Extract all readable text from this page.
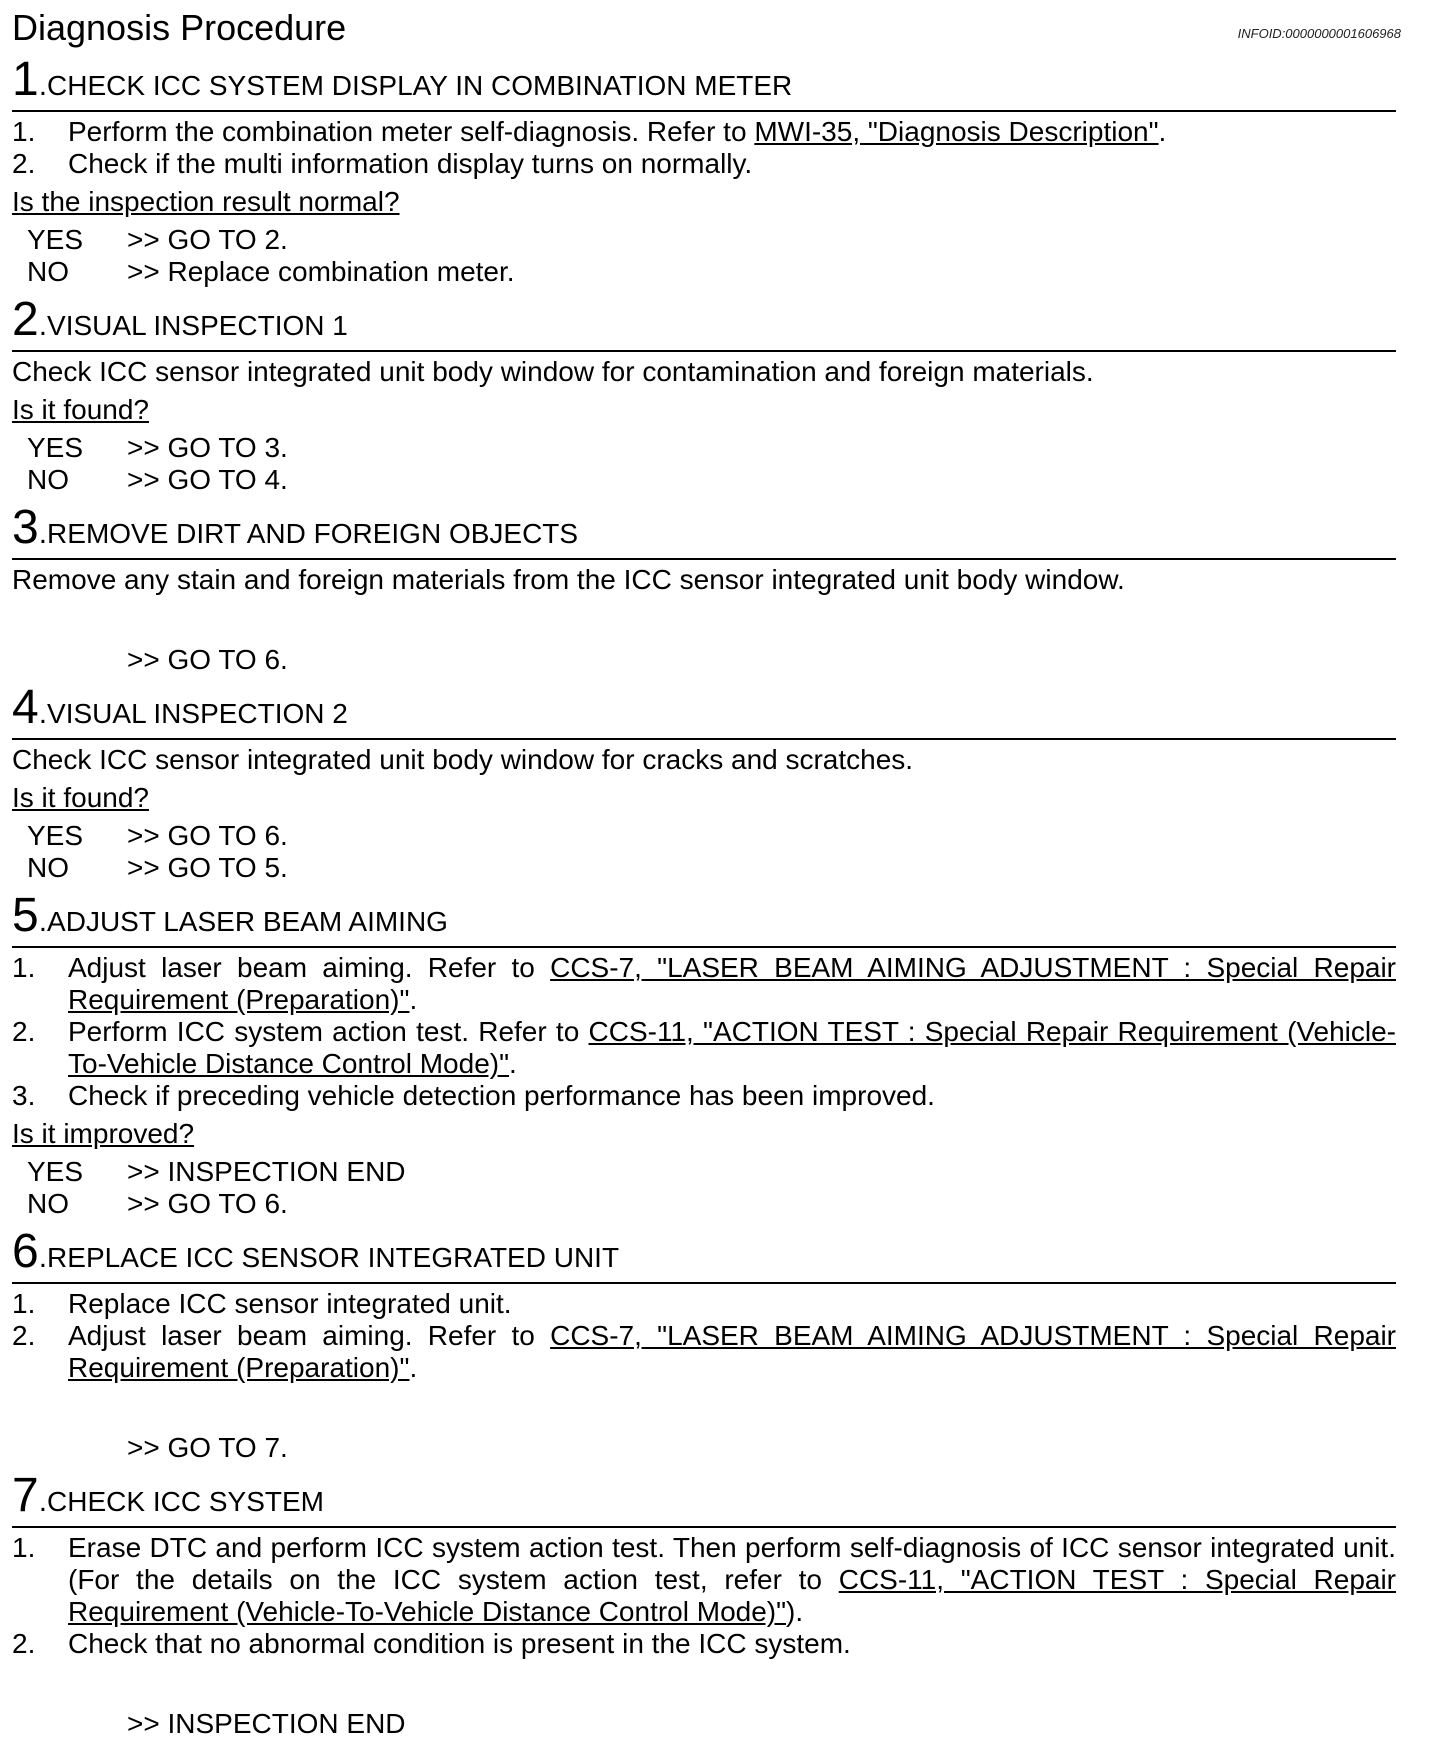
Diagnosis Procedure	INFOID:0000000001606968
1 . CHECK ICC SYSTEM DISPLAY IN COMBINATION METER
1.	Perform the combination meter self-diagnosis. Refer to MWI-35, "Diagnosis Description".
2.	Check if the multi information display turns on normally.
Is the inspection result normal?
YES	>> GO TO 2.
NO	>> Replace combination meter.
2 . VISUAL INSPECTION 1
Check ICC sensor integrated unit body window for contamination and foreign materials.
Is it found?
YES	>> GO TO 3.
NO	>> GO TO 4.
3 . REMOVE DIRT AND FOREIGN OBJECTS
Remove any stain and foreign materials from the ICC sensor integrated unit body window.
>> GO TO 6.
4 . VISUAL INSPECTION 2
Check ICC sensor integrated unit body window for cracks and scratches.
Is it found?
YES	>> GO TO 6.
NO	>> GO TO 5.
5 . ADJUST LASER BEAM AIMING
1.	Adjust laser beam aiming. Refer to CCS-7, "LASER BEAM AIMING ADJUSTMENT : Special Repair Requirement (Preparation)".
2.	Perform ICC system action test. Refer to CCS-11, "ACTION TEST : Special Repair Requirement (Vehicle-To-Vehicle Distance Control Mode)".
3.	Check if preceding vehicle detection performance has been improved.
Is it improved?
YES	>> INSPECTION END
NO	>> GO TO 6.
6 . REPLACE ICC SENSOR INTEGRATED UNIT
1.	Replace ICC sensor integrated unit.
2.	Adjust laser beam aiming. Refer to CCS-7, "LASER BEAM AIMING ADJUSTMENT : Special Repair Requirement (Preparation)".
>> GO TO 7.
7 . CHECK ICC SYSTEM
1.	Erase DTC and perform ICC system action test. Then perform self-diagnosis of ICC sensor integrated unit. (For the details on the ICC system action test, refer to CCS-11, "ACTION TEST : Special Repair Requirement (Vehicle-To-Vehicle Distance Control Mode)").
2.	Check that no abnormal condition is present in the ICC system.
>> INSPECTION END
